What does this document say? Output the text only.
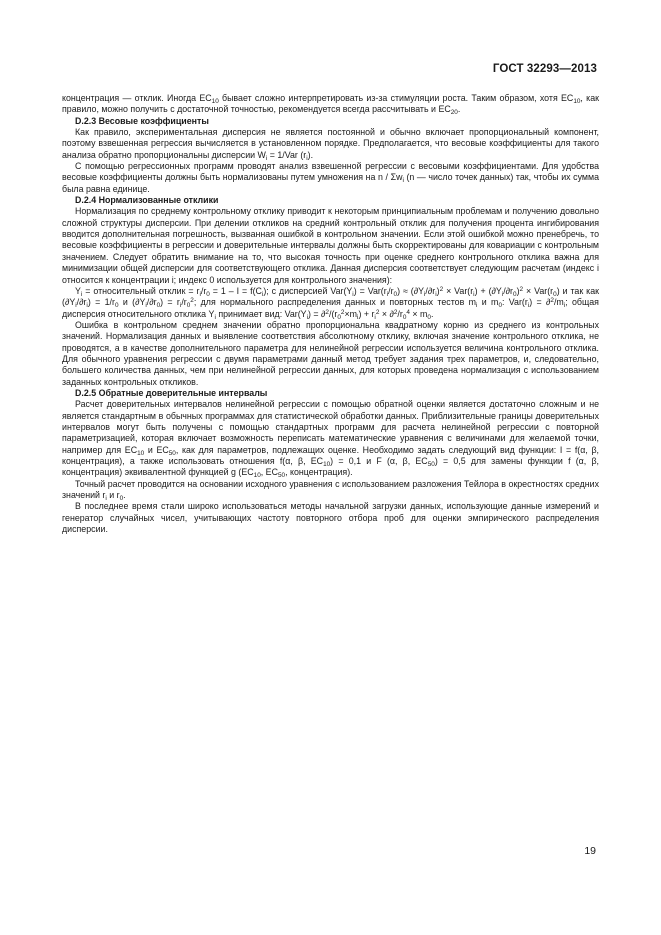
ГОСТ 32293—2013

концентрация — отклик. Иногда $EC_{10}$ бывает сложно интерпретировать из-за стимуляции роста. Таким образом, хотя $EC_{10}$, как правило, можно получить с достаточной точностью, рекомендуется всегда рассчитывать и $EC_{20}$.

D.2.3 Весовые коэффициенты

Как правило, экспериментальная дисперсия не является постоянной и обычно включает пропорциональный компонент, поэтому взвешенная регрессия вычисляется в установленном порядке. Предполагается, что весовые коэффициенты для такого анализа обратно пропорциональны дисперсии $W_i = 1/Var$ $(r_i)$.

С помощью регрессионных программ проводят анализ взвешенной регрессии с весовыми коэффициентами. Для удобства весовые коэффициенты должны быть нормализованы путем умножения на n / $\Sigma w_i$ (n — число точек данных) так, чтобы их сумма была равна единице.

D.2.4 Нормализованные отклики

Нормализация по среднему контрольному отклику приводит к некоторым принципиальным проблемам и получению довольно сложной структуры дисперсии. При делении откликов на средний контрольный отклик для получения процента ингибирования вводится дополнительная погрешность, вызванная ошибкой в контрольном значении. Если этой ошибкой можно пренебречь, то весовые коэффициенты в регрессии и доверительные интервалы должны быть скорректированы для ковариации с контрольным значением. Следует обратить внимание на то, что высокая точность при оценке среднего контрольного отклика важна для минимизации общей дисперсии для соответствующего отклика. Данная дисперсия соответствует следующим расчетам (индекс i относится к концентрации i; индекс 0 используется для контрольного значения):

$Y_i$ = относительный отклик = $r_i/r_0 = 1 - I = f(C_i)$; с дисперсией $Var(Y_i) = Var(r_i/r_0) \approx (\partial Y_i/\partial r_i)^2 \times Var(r_i) + (\partial Y_i/\partial r_0)^2 \times Var(r_0)$ и так как $(\partial Y_i/\partial r_i) = 1/r_0$ и $(\partial Y_i/\partial r_0) = r_i/r_0^2$; для нормального распределения данных и повторных тестов $m_i$ и $m_0$: $Var(r_i) = \partial^2/m_i$; общая дисперсия относительного отклика $Y_i$ принимает вид: $Var(Y_i) = \partial^2/(r_0^2\times m_i) + r_i^2 \times \partial^2/r_0^4 \times m_0$.

Ошибка в контрольном среднем значении обратно пропорциональна квадратному корню из среднего из контрольных значений. Нормализация данных и выявление соответствия абсолютному отклику, включая значение контрольного отклика, не проводятся, а в качестве дополнительного параметра для нелинейной регрессии используется величина контрольного отклика. Для обычного уравнения регрессии с двумя параметрами данный метод требует задания трех параметров, и, следовательно, большего количества данных, чем при нелинейной регрессии данных, для которых проведена нормализация с использованием заданных контрольных откликов.

D.2.5 Обратные доверительные интервалы

Расчет доверительных интервалов нелинейной регрессии с помощью обратной оценки является достаточно сложным и не является стандартным в обычных программах для статистической обработки данных. Приблизительные границы доверительных интервалов могут быть получены с помощью стандартных программ для расчета нелинейной регрессии с повторной параметризацией, которая включает возможность переписать математические уравнения с величинами для желаемой точки, например для $EC_{10}$ и $EC_{50}$, как для параметров, подлежащих оценке. Необходимо задать следующий вид функции: I = f(α, β, концентрация), а также использовать отношения f(α, β, $EC_{10}) = 0,1$ и F (α, β, $EC_{50}) = 0,5$ для замены функции f (α, β, концентрация) эквивалентной функцией g ($EC_{10}$, $EC_{50}$, концентрация).

Точный расчет проводится на основании исходного уравнения с использованием разложения Тейлора в окрестностях средних значений $r_i$ и $r_0$.

В последнее время стали широко использоваться методы начальной загрузки данных, использующие данные измерений и генератор случайных чисел, учитывающих частоту повторного отбора проб для оценки эмпирического распределения дисперсии.

19
